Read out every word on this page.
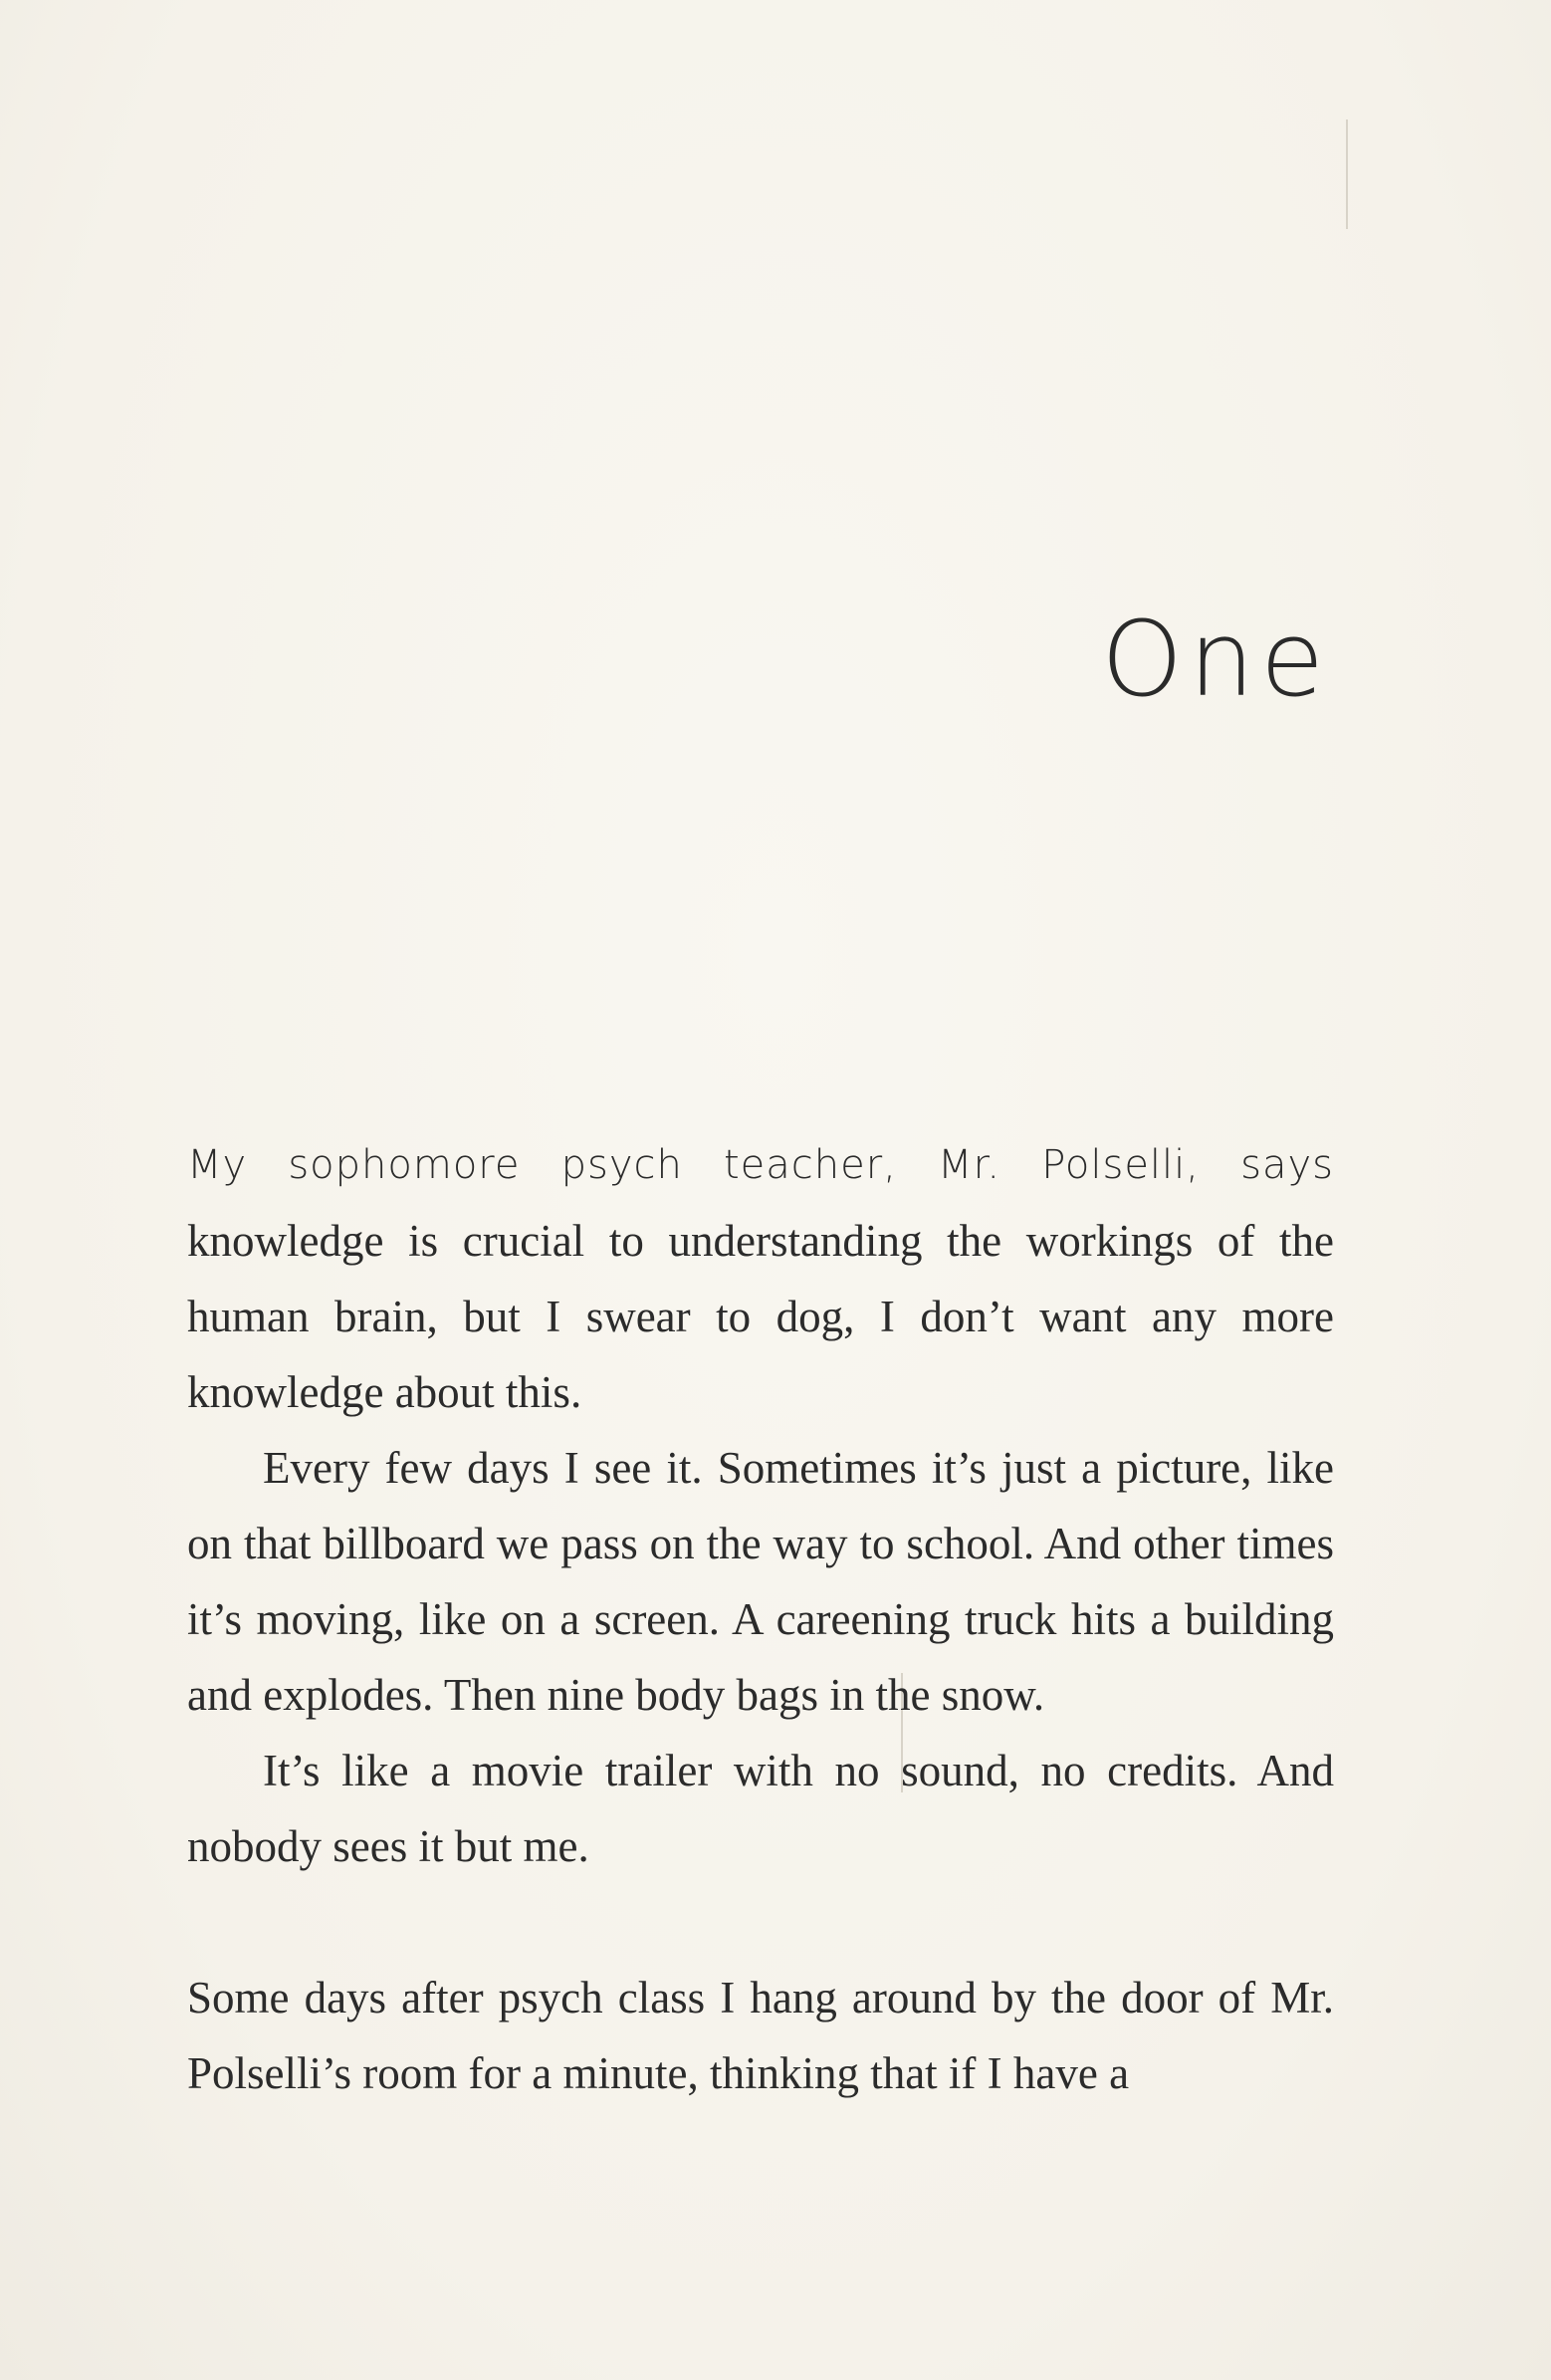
One

My sophomore psych teacher, Mr. Polselli, says knowledge is crucial to understanding the workings of the human brain, but I swear to dog, I don’t want any more knowledge about this.

Every few days I see it. Sometimes it’s just a picture, like on that billboard we pass on the way to school. And other times it’s moving, like on a screen. A careening truck hits a building and explodes. Then nine body bags in the snow.

It’s like a movie trailer with no sound, no credits. And nobody sees it but me.

Some days after psych class I hang around by the door of Mr. Polselli’s room for a minute, thinking that if I have a
